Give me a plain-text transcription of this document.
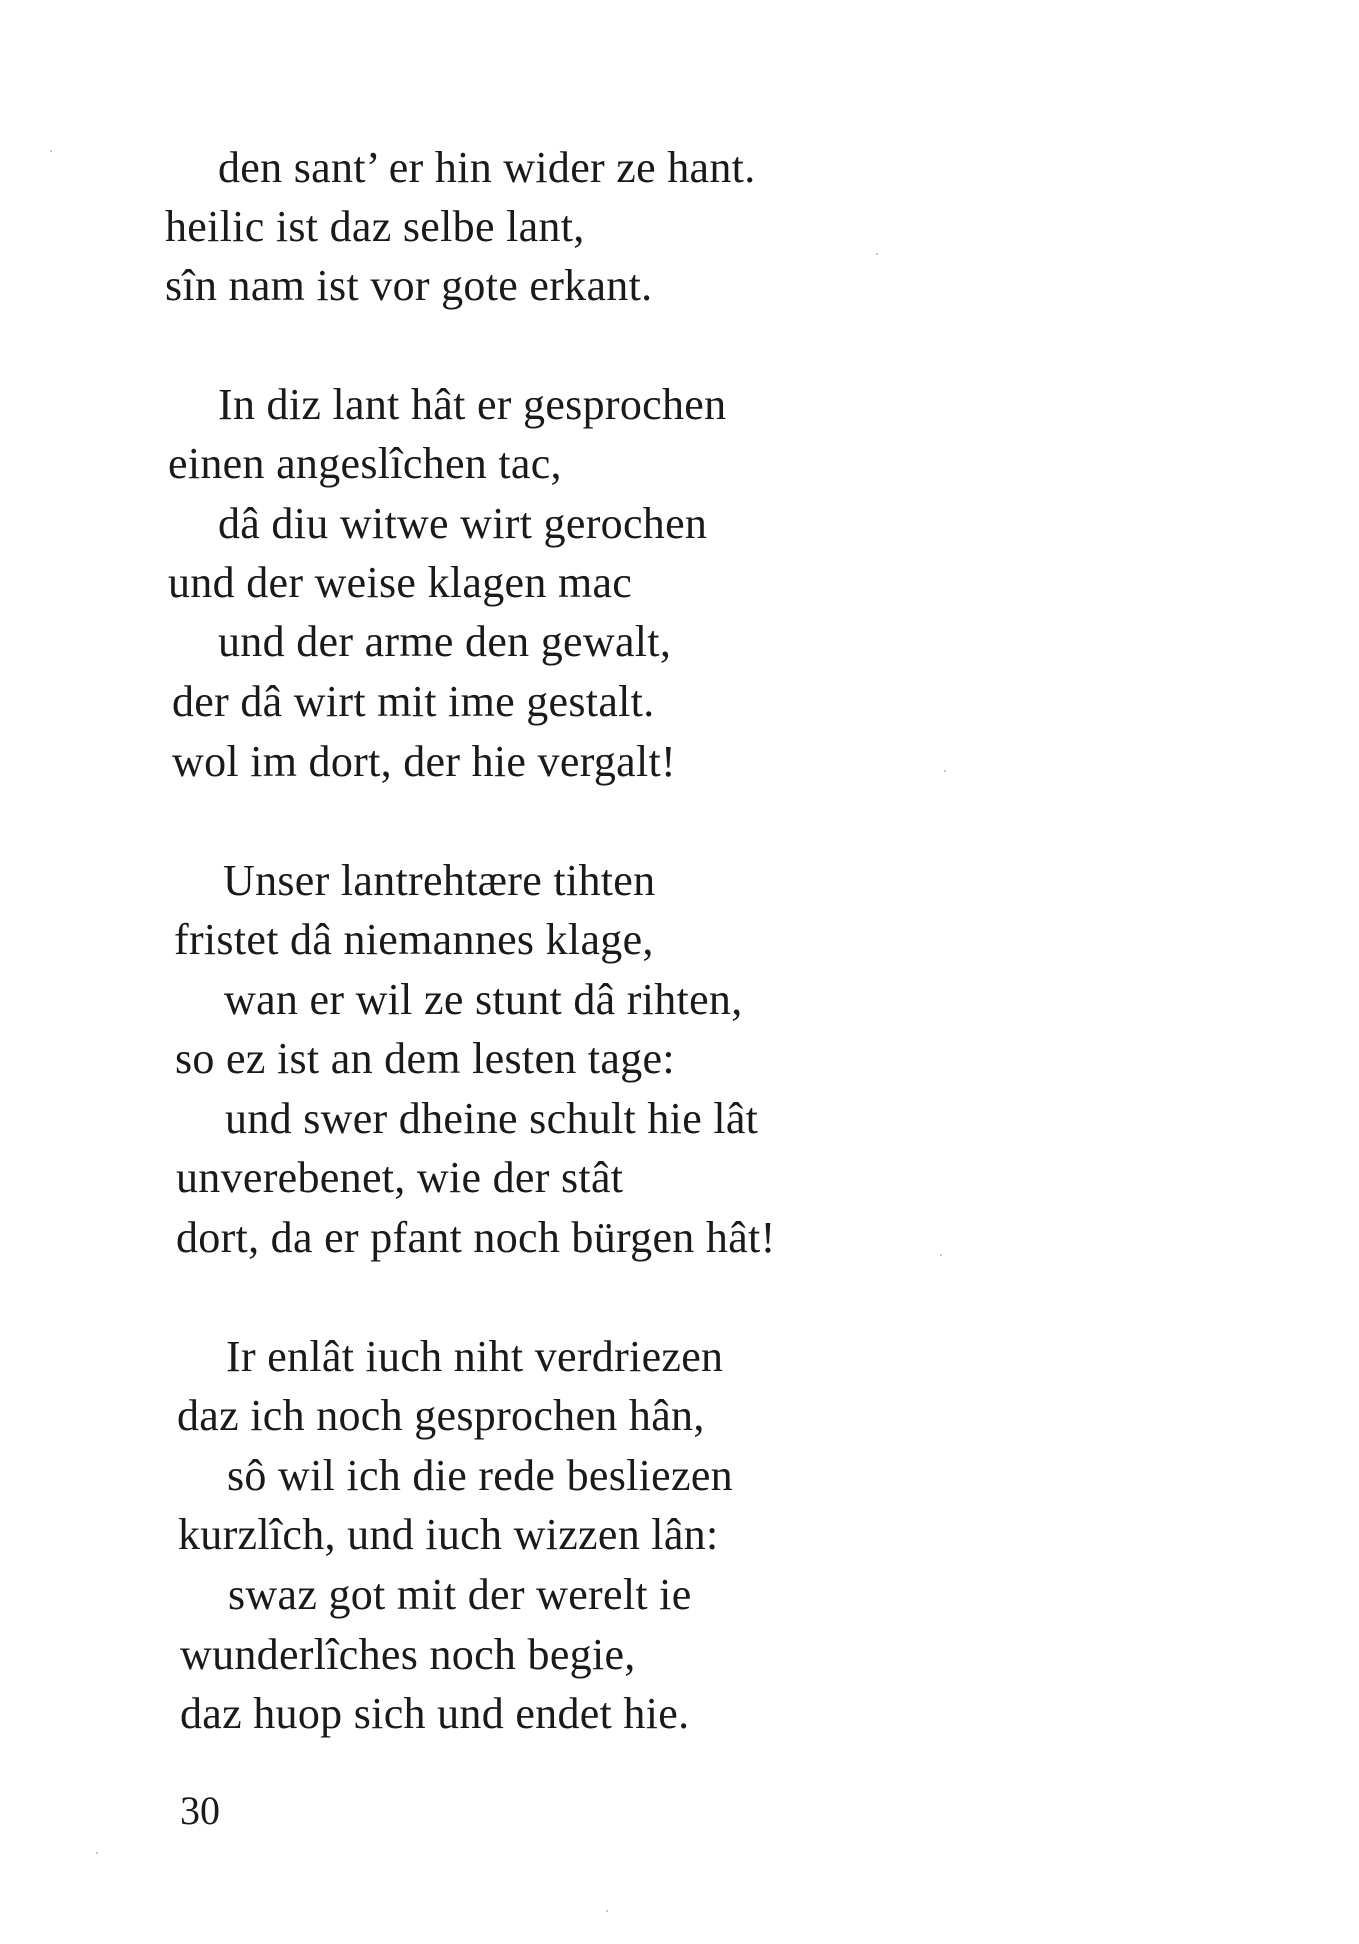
den sant’ er hin wider ze hant.
heilic ist daz selbe lant,
sîn nam ist vor gote erkant.
In diz lant hât er gesprochen
einen angeslîchen tac,
dâ diu witwe wirt gerochen
und der weise klagen mac
und der arme den gewalt,
der dâ wirt mit ime gestalt.
wol im dort, der hie vergalt!
Unser lantrehtære tihten
fristet dâ niemannes klage,
wan er wil ze stunt dâ rihten,
so ez ist an dem lesten tage:
und swer dheine schult hie lât
unverebenet, wie der stât
dort, da er pfant noch bürgen hât!
Ir enlât iuch niht verdriezen
daz ich noch gesprochen hân,
sô wil ich die rede besliezen
kurzlîch, und iuch wizzen lân:
swaz got mit der werelt ie
wunderlîches noch begie,
daz huop sich und endet hie.
30
